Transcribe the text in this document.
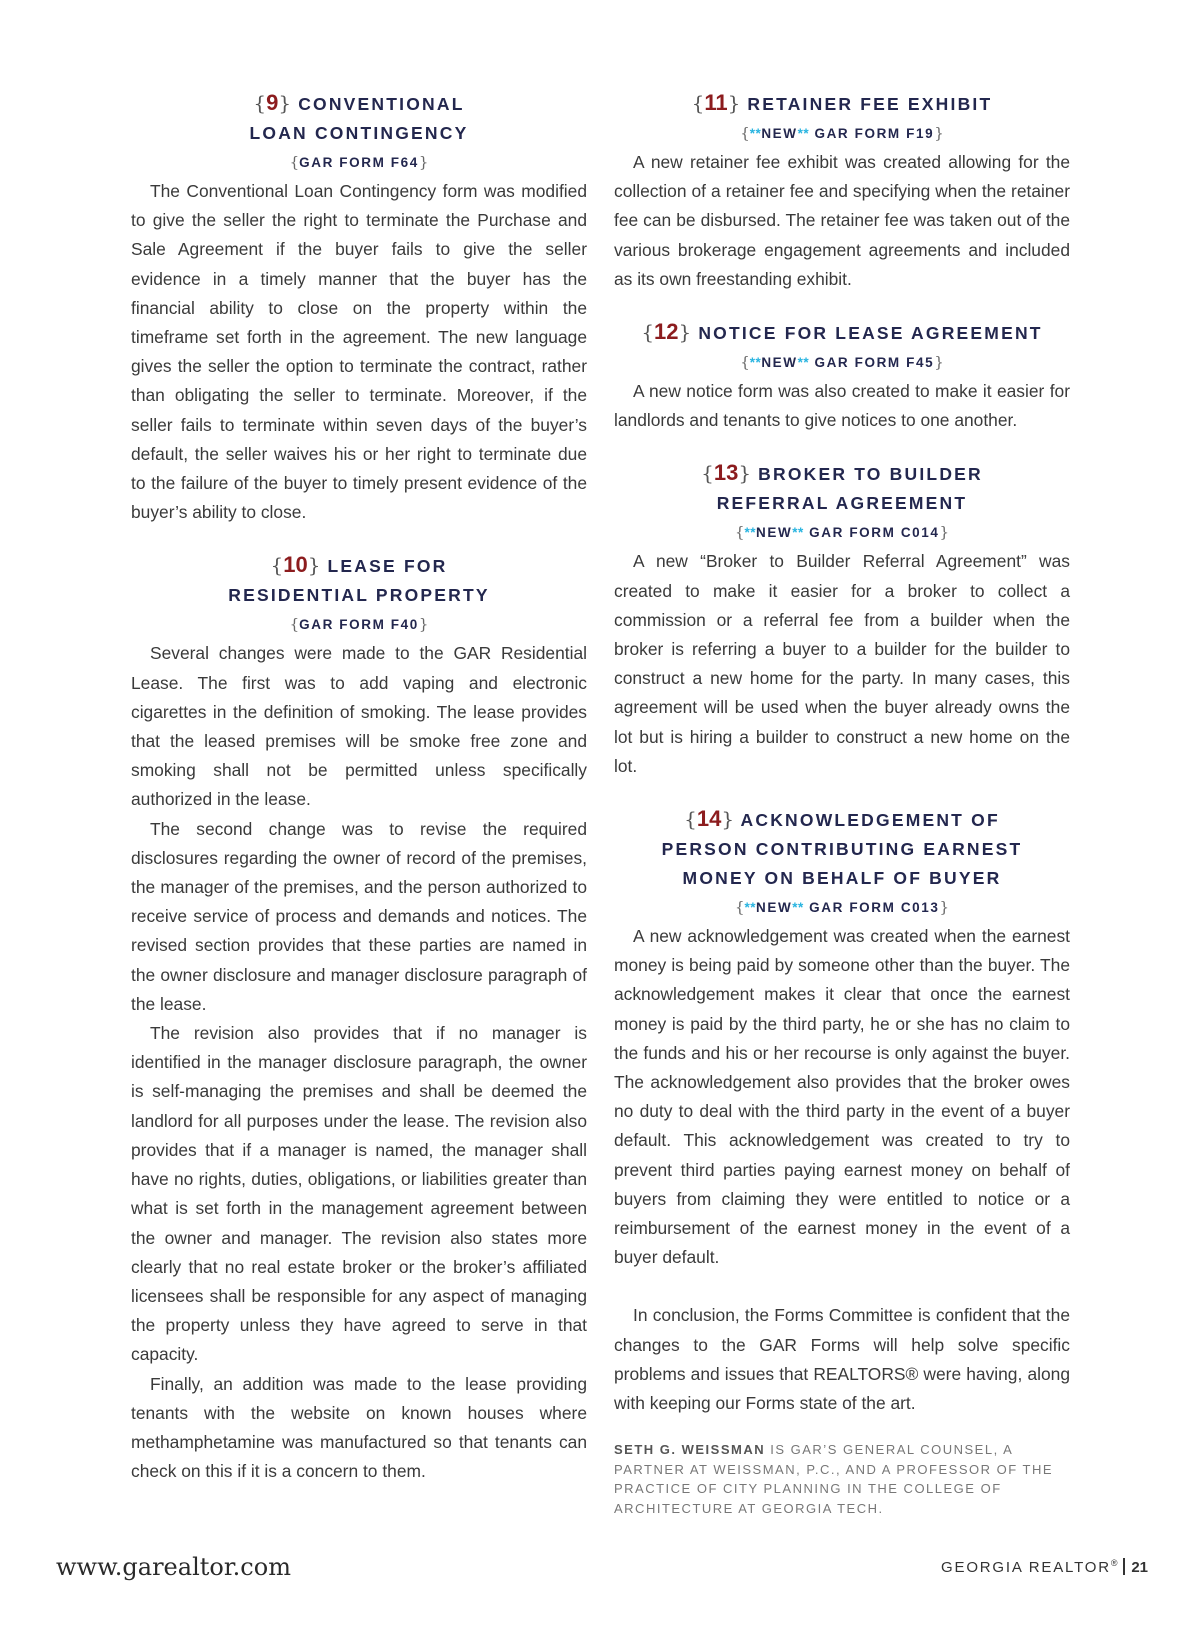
{9} CONVENTIONAL
LOAN CONTINGENCY
{GAR FORM F64}

The Conventional Loan Contingency form was modified to give the seller the right to terminate the Purchase and Sale Agreement if the buyer fails to give the seller evidence in a timely manner that the buyer has the financial ability to close on the property within the timeframe set forth in the agreement. The new language gives the seller the option to terminate the contract, rather than obligating the seller to terminate. Moreover, if the seller fails to terminate within seven days of the buyer’s default, the seller waives his or her right to terminate due to the failure of the buyer to timely present evidence of the buyer’s ability to close.

{10} LEASE FOR
RESIDENTIAL PROPERTY
{GAR FORM F40}

Several changes were made to the GAR Residential Lease. The first was to add vaping and electronic cigarettes in the definition of smoking. The lease provides that the leased premises will be smoke free zone and smoking shall not be permitted unless specifically authorized in the lease.

The second change was to revise the required disclosures regarding the owner of record of the premises, the manager of the premises, and the person authorized to receive service of process and demands and notices. The revised section provides that these parties are named in the owner disclosure and manager disclosure paragraph of the lease.

The revision also provides that if no manager is identified in the manager disclosure paragraph, the owner is self-managing the premises and shall be deemed the landlord for all purposes under the lease. The revision also provides that if a manager is named, the manager shall have no rights, duties, obligations, or liabilities greater than what is set forth in the management agreement between the owner and manager. The revision also states more clearly that no real estate broker or the broker’s affiliated licensees shall be responsible for any aspect of managing the property unless they have agreed to serve in that capacity.

Finally, an addition was made to the lease providing tenants with the website on known houses where methamphetamine was manufactured so that tenants can check on this if it is a concern to them.

{11} RETAINER FEE EXHIBIT
{**NEW** GAR FORM F19}

A new retainer fee exhibit was created allowing for the collection of a retainer fee and specifying when the retainer fee can be disbursed. The retainer fee was taken out of the various brokerage engagement agreements and included as its own freestanding exhibit.

{12} NOTICE FOR LEASE AGREEMENT
{**NEW** GAR FORM F45}

A new notice form was also created to make it easier for landlords and tenants to give notices to one another.

{13} BROKER TO BUILDER
REFERRAL AGREEMENT
{**NEW** GAR FORM C014}

A new “Broker to Builder Referral Agreement” was created to make it easier for a broker to collect a commission or a referral fee from a builder when the broker is referring a buyer to a builder for the builder to construct a new home for the party. In many cases, this agreement will be used when the buyer already owns the lot but is hiring a builder to construct a new home on the lot.

{14} ACKNOWLEDGEMENT OF
PERSON CONTRIBUTING EARNEST
MONEY ON BEHALF OF BUYER
{**NEW** GAR FORM C013}

A new acknowledgement was created when the earnest money is being paid by someone other than the buyer. The acknowledgement makes it clear that once the earnest money is paid by the third party, he or she has no claim to the funds and his or her recourse is only against the buyer. The acknowledgement also provides that the broker owes no duty to deal with the third party in the event of a buyer default. This acknowledgement was created to try to prevent third parties paying earnest money on behalf of buyers from claiming they were entitled to notice or a reimbursement of the earnest money in the event of a buyer default.

In conclusion, the Forms Committee is confident that the changes to the GAR Forms will help solve specific problems and issues that REALTORS® were having, along with keeping our Forms state of the art.

SETH G. WEISSMAN IS GAR’S GENERAL COUNSEL, A PARTNER AT WEISSMAN, P.C., AND A PROFESSOR OF THE PRACTICE OF CITY PLANNING IN THE COLLEGE OF ARCHITECTURE AT GEORGIA TECH.
www.garealtor.com	GEORGIA REALTOR® 21
